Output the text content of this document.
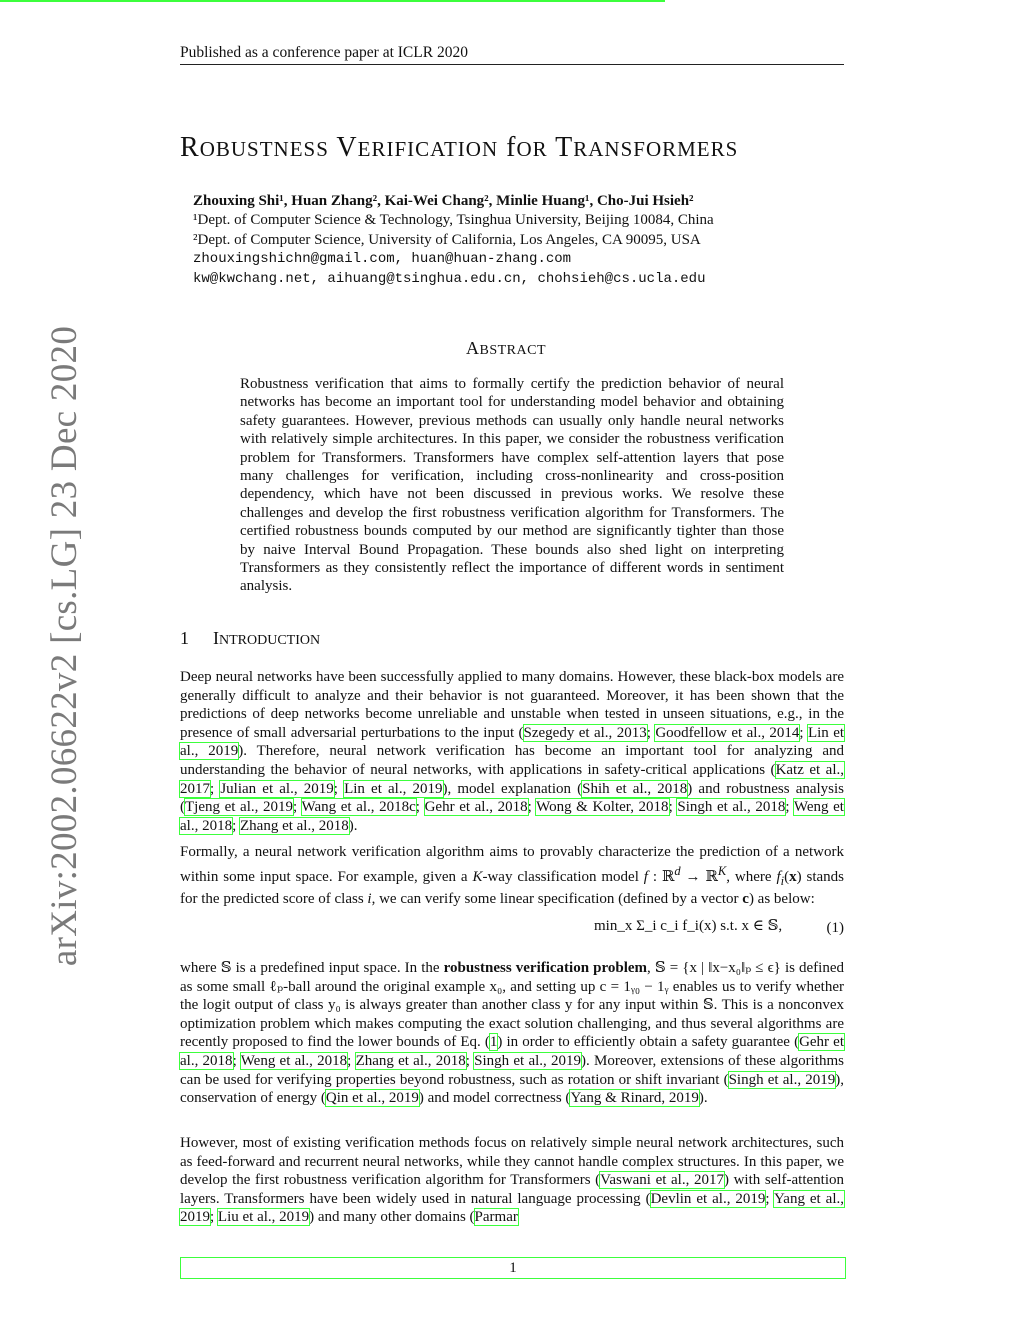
arXiv:2002.06622v2 [cs.LG] 23 Dec 2020
Published as a conference paper at ICLR 2020
ROBUSTNESS VERIFICATION fOR TRANSFORMERS
Zhouxing Shi¹, Huan Zhang², Kai-Wei Chang², Minlie Huang¹, Cho-Jui Hsieh²
¹Dept. of Computer Science & Technology, Tsinghua University, Beijing 10084, China
²Dept. of Computer Science, University of California, Los Angeles, CA 90095, USA
zhouxingshichn@gmail.com, huan@huan-zhang.com
kw@kwchang.net, aihuang@tsinghua.edu.cn, chohsieh@cs.ucla.edu
ABSTRACT
Robustness verification that aims to formally certify the prediction behavior of neural networks has become an important tool for understanding model behavior and obtaining safety guarantees. However, previous methods can usually only handle neural networks with relatively simple architectures. In this paper, we consider the robustness verification problem for Transformers. Transformers have complex self-attention layers that pose many challenges for verification, including cross-nonlinearity and cross-position dependency, which have not been discussed in previous works. We resolve these challenges and develop the first robustness verification algorithm for Transformers. The certified robustness bounds computed by our method are significantly tighter than those by naive Interval Bound Propagation. These bounds also shed light on interpreting Transformers as they consistently reflect the importance of different words in sentiment analysis.
1 INTRODUCTION
Deep neural networks have been successfully applied to many domains. However, these black-box models are generally difficult to analyze and their behavior is not guaranteed. Moreover, it has been shown that the predictions of deep networks become unreliable and unstable when tested in unseen situations, e.g., in the presence of small adversarial perturbations to the input (Szegedy et al., 2013; Goodfellow et al., 2014; Lin et al., 2019). Therefore, neural network verification has become an important tool for analyzing and understanding the behavior of neural networks, with applications in safety-critical applications (Katz et al., 2017; Julian et al., 2019; Lin et al., 2019), model explanation (Shih et al., 2018) and robustness analysis (Tjeng et al., 2019; Wang et al., 2018c; Gehr et al., 2018; Wong & Kolter, 2018; Singh et al., 2018; Weng et al., 2018; Zhang et al., 2018).
Formally, a neural network verification algorithm aims to provably characterize the prediction of a network within some input space. For example, given a K-way classification model f : ℝ$^d$ → ℝ$^K$, where $f_i(x)$ stands for the predicted score of class i, we can verify some linear specification (defined by a vector c) as below:
min_x Σ_i c_i f_i(x) s.t. x ∈ 𝕊,	(1)
where 𝕊 is a predefined input space. In the robustness verification problem, 𝕊 = {x | ‖x−x₀‖ₚ ≤ ϵ} is defined as some small ℓₚ-ball around the original example x₀, and setting up c = 1ᵧ₀ − 1ᵧ enables us to verify whether the logit output of class y₀ is always greater than another class y for any input within 𝕊. This is a nonconvex optimization problem which makes computing the exact solution challenging, and thus several algorithms are recently proposed to find the lower bounds of Eq. (1) in order to efficiently obtain a safety guarantee (Gehr et al., 2018; Weng et al., 2018; Zhang et al., 2018; Singh et al., 2019). Moreover, extensions of these algorithms can be used for verifying properties beyond robustness, such as rotation or shift invariant (Singh et al., 2019), conservation of energy (Qin et al., 2019) and model correctness (Yang & Rinard, 2019).
However, most of existing verification methods focus on relatively simple neural network architectures, such as feed-forward and recurrent neural networks, while they cannot handle complex structures. In this paper, we develop the first robustness verification algorithm for Transformers (Vaswani et al., 2017) with self-attention layers. Transformers have been widely used in natural language processing (Devlin et al., 2019; Yang et al., 2019; Liu et al., 2019) and many other domains (Parmar
1
